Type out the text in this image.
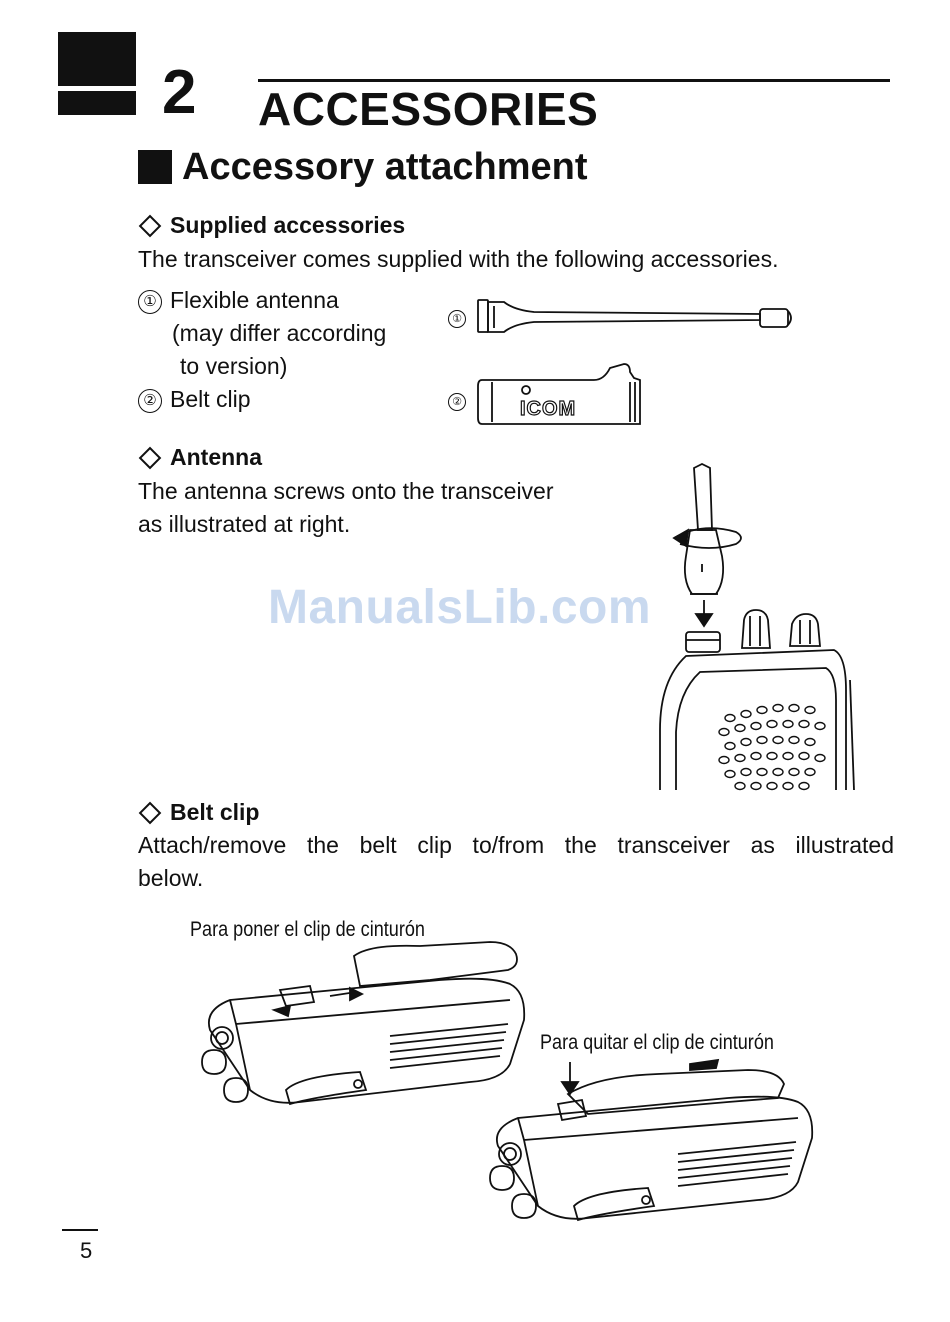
2 ACCESSORIES
Accessory attachment
Supplied accessories
The transceiver comes supplied with the following accessories.
① Flexible antenna
(may differ according
to version)
② Belt clip
①
②	ICOM
Antenna
The antenna screws onto the transceiver
as illustrated at right.
ManualsLib.com
Belt clip
Attach/remove the belt clip to/from the transceiver as illustrated
below.
Para poner el clip de cinturón
Para quitar el clip de cinturón
5
